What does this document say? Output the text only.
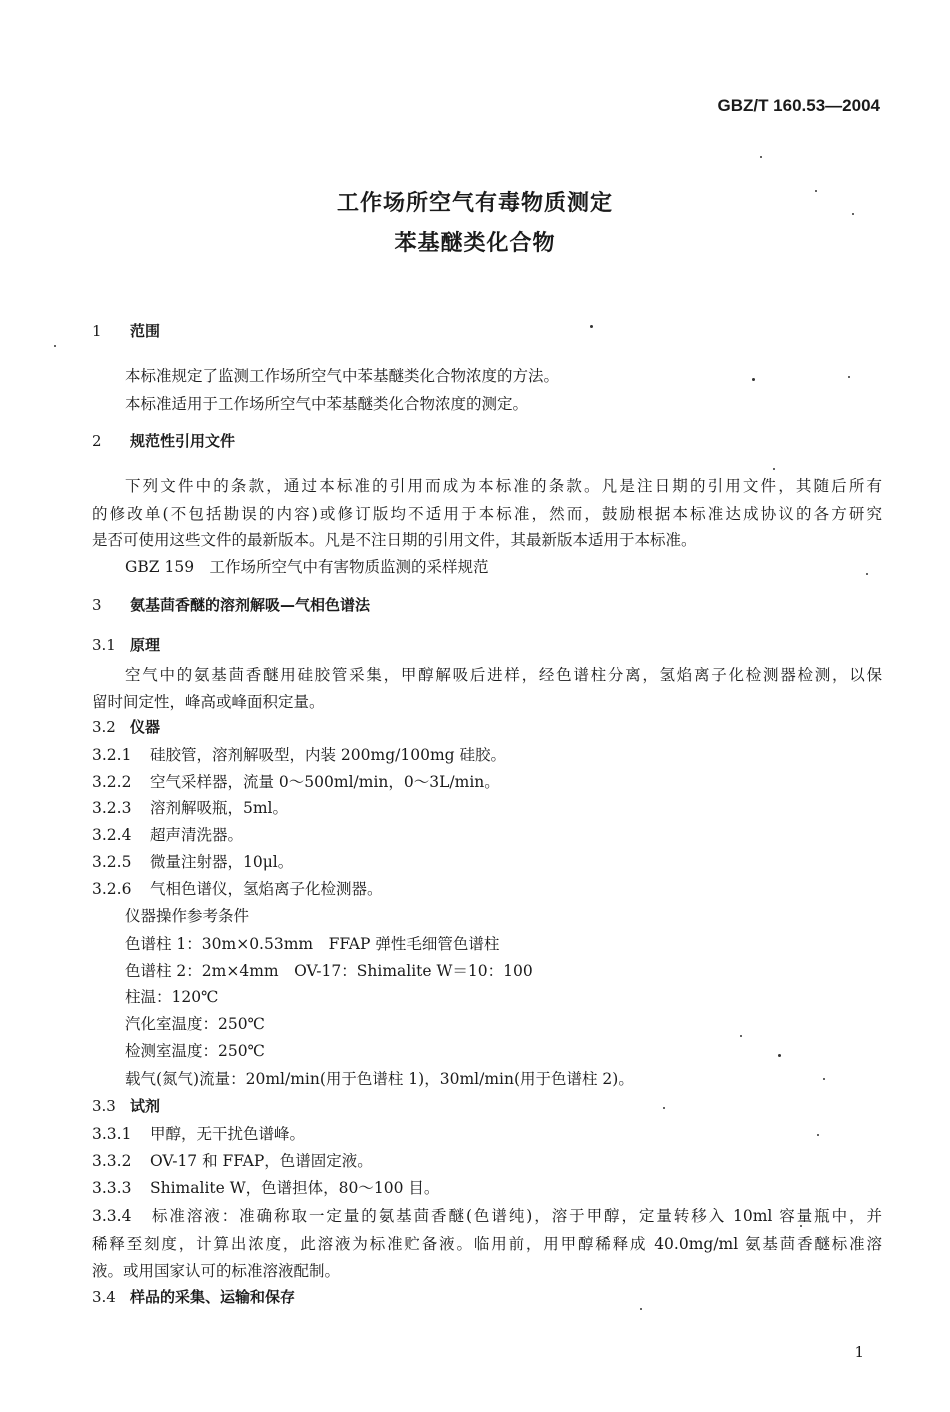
GBZ/T 160.53—2004
工作场所空气有毒物质测定
苯基醚类化合物
1 范围
本标准规定了监测工作场所空气中苯基醚类化合物浓度的方法。
本标准适用于工作场所空气中苯基醚类化合物浓度的测定。
2 规范性引用文件
下列文件中的条款，通过本标准的引用而成为本标准的条款。凡是注日期的引用文件，其随后所有
的修改单(不包括勘误的内容)或修订版均不适用于本标准，然而，鼓励根据本标准达成协议的各方研究
是否可使用这些文件的最新版本。凡是不注日期的引用文件，其最新版本适用于本标准。
GBZ 159　工作场所空气中有害物质监测的采样规范
3 氨基茴香醚的溶剂解吸—气相色谱法
3.1 原理
空气中的氨基茴香醚用硅胶管采集，甲醇解吸后进样，经色谱柱分离，氢焰离子化检测器检测，以保
留时间定性，峰高或峰面积定量。
3.2 仪器
3.2.1 硅胶管，溶剂解吸型，内装 200mg/100mg 硅胶。
3.2.2 空气采样器，流量 0～500ml/min，0～3L/min。
3.2.3 溶剂解吸瓶，5ml。
3.2.4 超声清洗器。
3.2.5 微量注射器，10μl。
3.2.6 气相色谱仪，氢焰离子化检测器。
仪器操作参考条件
色谱柱 1：30m×0.53mm　FFAP 弹性毛细管色谱柱
色谱柱 2：2m×4mm　OV-17：Shimalite W＝10：100
柱温：120℃
汽化室温度：250℃
检测室温度：250℃
载气(氮气)流量：20ml/min(用于色谱柱 1)，30ml/min(用于色谱柱 2)。
3.3 试剂
3.3.1 甲醇，无干扰色谱峰。
3.3.2 OV-17 和 FFAP，色谱固定液。
3.3.3 Shimalite W，色谱担体，80～100 目。
3.3.4 标准溶液：准确称取一定量的氨基茴香醚(色谱纯)，溶于甲醇，定量转移入 10ml 容量瓶中，并
稀释至刻度，计算出浓度，此溶液为标准贮备液。临用前，用甲醇稀释成 40.0mg/ml 氨基茴香醚标准溶
液。或用国家认可的标准溶液配制。
3.4 样品的采集、运输和保存
1
